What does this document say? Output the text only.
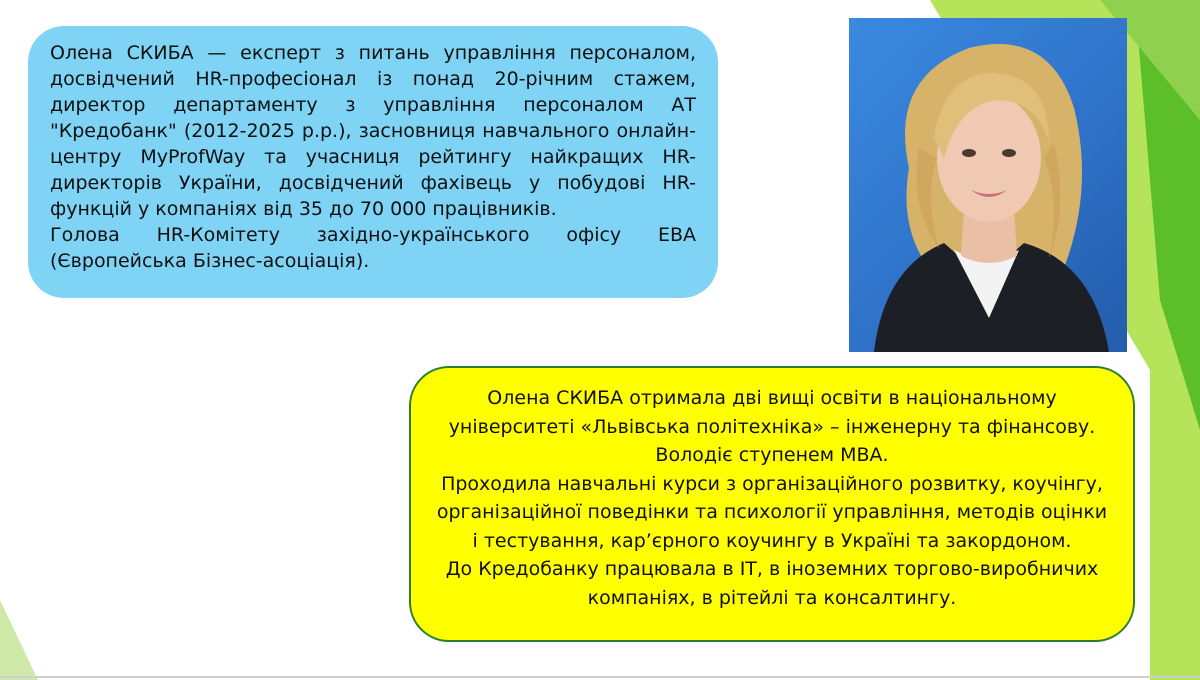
Олена СКИБА — експерт з питань управління персоналом, досвідчений HR-професіонал із понад 20-річним стажем, директор департаменту з управління персоналом АТ "Кредобанк" (2012-2025 р.р.), засновниця навчального онлайн-центру MyProfWay та учасниця рейтингу найкращих HR-директорів України, досвідчений фахівець у побудові HR-функцій у компаніях від 35 до 70 000 працівників.

Голова HR-Комітету західно-українського офісу ЕВА (Європейська Бізнес-асоціація).

Олена СКИБА отримала дві вищі освіти в національному університеті «Львівська політехніка» – інженерну та фінансову.

Володіє ступенем МВА.

Проходила навчальні курси з організаційного розвитку, коучінгу, організаційної поведінки та психології управління, методів оцінки і тестування, кар’єрного коучингу в Україні та закордоном.

До Кредобанку працювала в ІТ, в іноземних торгово-виробничих компаніях, в рітейлі та консалтингу.
